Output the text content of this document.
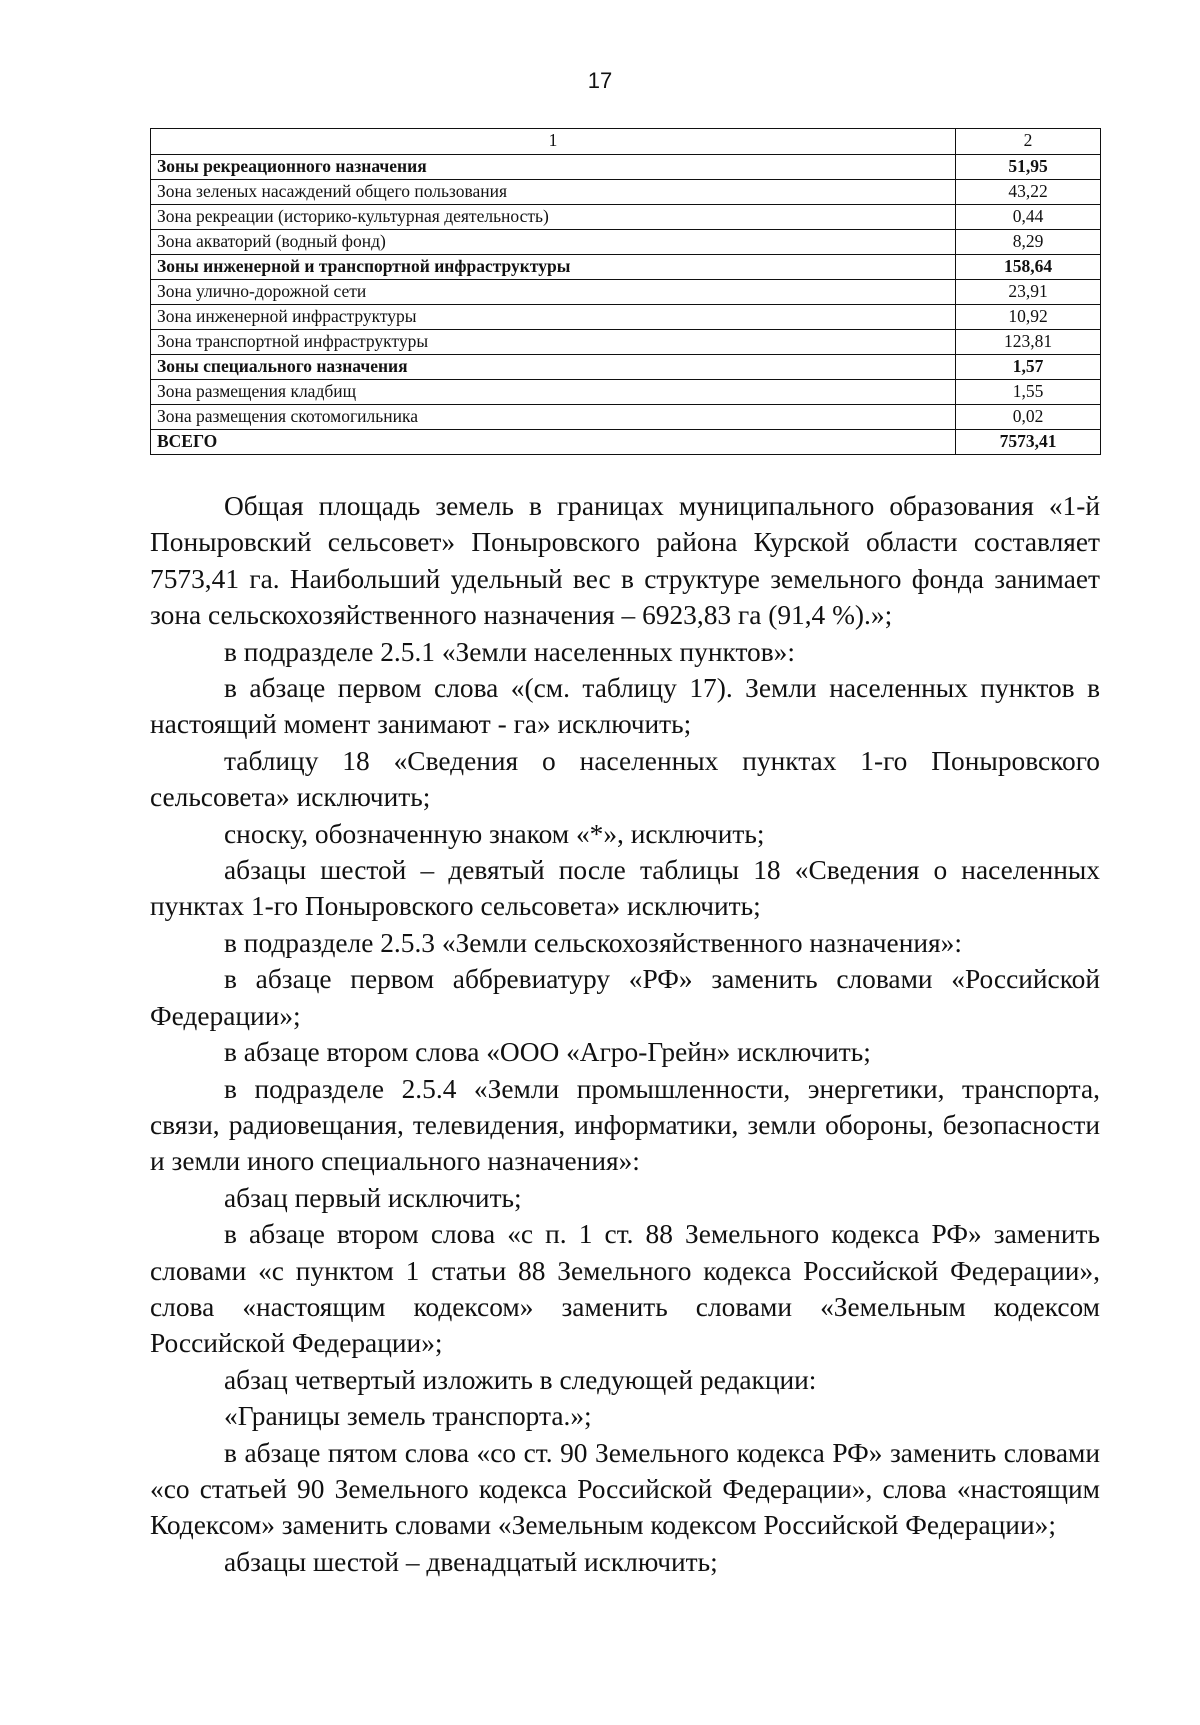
17
1	2
Зоны рекреационного назначения	51,95
Зона зеленых насаждений общего пользования	43,22
Зона рекреации (историко-культурная деятельность)	0,44
Зона акваторий (водный фонд)	8,29
Зоны инженерной и транспортной инфраструктуры	158,64
Зона улично-дорожной сети	23,91
Зона инженерной инфраструктуры	10,92
Зона транспортной инфраструктуры	123,81
Зоны специального назначения	1,57
Зона размещения кладбищ	1,55
Зона размещения скотомогильника	0,02
ВСЕГО	7573,41

Общая площадь земель в границах муниципального образования «1-й Поныровский сельсовет» Поныровского района Курской области составляет 7573,41 га. Наибольший удельный вес в структуре земельного фонда занимает зона сельскохозяйственного назначения – 6923,83 га (91,4 %).»;

в подразделе 2.5.1 «Земли населенных пунктов»:

в абзаце первом слова «(см. таблицу 17). Земли населенных пунктов в настоящий момент занимают - га» исключить;

таблицу 18 «Сведения о населенных пунктах 1-го Поныровского сельсовета» исключить;

сноску, обозначенную знаком «*», исключить;

абзацы шестой – девятый после таблицы 18 «Сведения о населенных пунктах 1-го Поныровского сельсовета» исключить;

в подразделе 2.5.3 «Земли сельскохозяйственного назначения»:

в абзаце первом аббревиатуру «РФ» заменить словами «Российской Федерации»;

в абзаце втором слова «ООО «Агро-Грейн» исключить;

в подразделе 2.5.4 «Земли промышленности, энергетики, транспорта, связи, радиовещания, телевидения, информатики, земли обороны, безопасности и земли иного специального назначения»:

абзац первый исключить;

в абзаце втором слова «с п. 1 ст. 88 Земельного кодекса РФ» заменить словами «с пунктом 1 статьи 88 Земельного кодекса Российской Федерации», слова «настоящим кодексом» заменить словами «Земельным кодексом Российской Федерации»;

абзац четвертый изложить в следующей редакции:

«Границы земель транспорта.»;

в абзаце пятом слова «со ст. 90 Земельного кодекса РФ» заменить словами «со статьей 90 Земельного кодекса Российской Федерации», слова «настоящим Кодексом» заменить словами «Земельным кодексом Российской Федерации»;

абзацы шестой – двенадцатый исключить;
